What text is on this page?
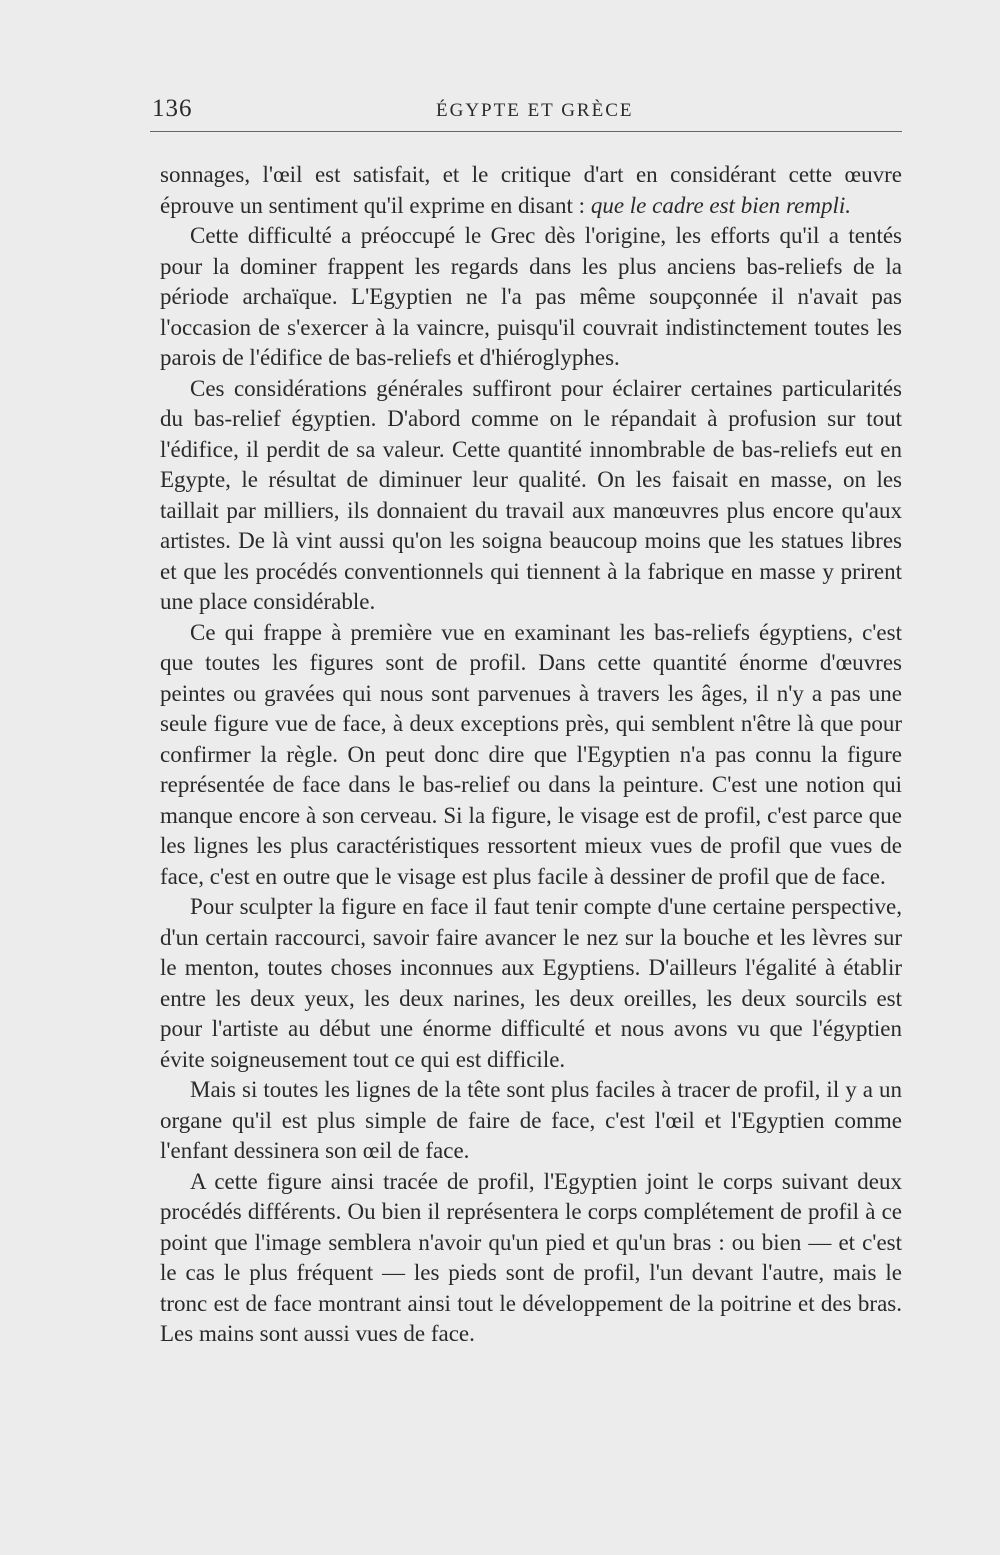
136	ÉGYPTE ET GRÈCE

sonnages, l'œil est satisfait, et le critique d'art en considérant cette œuvre éprouve un sentiment qu'il exprime en disant : que le cadre est bien rempli.

Cette difficulté a préoccupé le Grec dès l'origine, les efforts qu'il a tentés pour la dominer frappent les regards dans les plus anciens bas-reliefs de la période archaïque. L'Egyptien ne l'a pas même soupçonnée il n'avait pas l'occasion de s'exercer à la vaincre, puisqu'il couvrait indistinctement toutes les parois de l'édifice de bas-reliefs et d'hiéroglyphes.

Ces considérations générales suffiront pour éclairer certaines particularités du bas-relief égyptien. D'abord comme on le répandait à profusion sur tout l'édifice, il perdit de sa valeur. Cette quantité innombrable de bas-reliefs eut en Egypte, le résultat de diminuer leur qualité. On les faisait en masse, on les taillait par milliers, ils donnaient du travail aux manœuvres plus encore qu'aux artistes. De là vint aussi qu'on les soigna beaucoup moins que les statues libres et que les procédés conventionnels qui tiennent à la fabrique en masse y prirent une place considérable.

Ce qui frappe à première vue en examinant les bas-reliefs égyptiens, c'est que toutes les figures sont de profil. Dans cette quantité énorme d'œuvres peintes ou gravées qui nous sont parvenues à travers les âges, il n'y a pas une seule figure vue de face, à deux exceptions près, qui semblent n'être là que pour confirmer la règle. On peut donc dire que l'Egyptien n'a pas connu la figure représentée de face dans le bas-relief ou dans la peinture. C'est une notion qui manque encore à son cerveau. Si la figure, le visage est de profil, c'est parce que les lignes les plus caractéristiques ressortent mieux vues de profil que vues de face, c'est en outre que le visage est plus facile à dessiner de profil que de face.

Pour sculpter la figure en face il faut tenir compte d'une certaine perspective, d'un certain raccourci, savoir faire avancer le nez sur la bouche et les lèvres sur le menton, toutes choses inconnues aux Egyptiens. D'ailleurs l'égalité à établir entre les deux yeux, les deux narines, les deux oreilles, les deux sourcils est pour l'artiste au début une énorme difficulté et nous avons vu que l'égyptien évite soigneusement tout ce qui est difficile.

Mais si toutes les lignes de la tête sont plus faciles à tracer de profil, il y a un organe qu'il est plus simple de faire de face, c'est l'œil et l'Egyptien comme l'enfant dessinera son œil de face.

A cette figure ainsi tracée de profil, l'Egyptien joint le corps suivant deux procédés différents. Ou bien il représentera le corps complétement de profil à ce point que l'image semblera n'avoir qu'un pied et qu'un bras : ou bien — et c'est le cas le plus fréquent — les pieds sont de profil, l'un devant l'autre, mais le tronc est de face montrant ainsi tout le développement de la poitrine et des bras. Les mains sont aussi vues de face.
